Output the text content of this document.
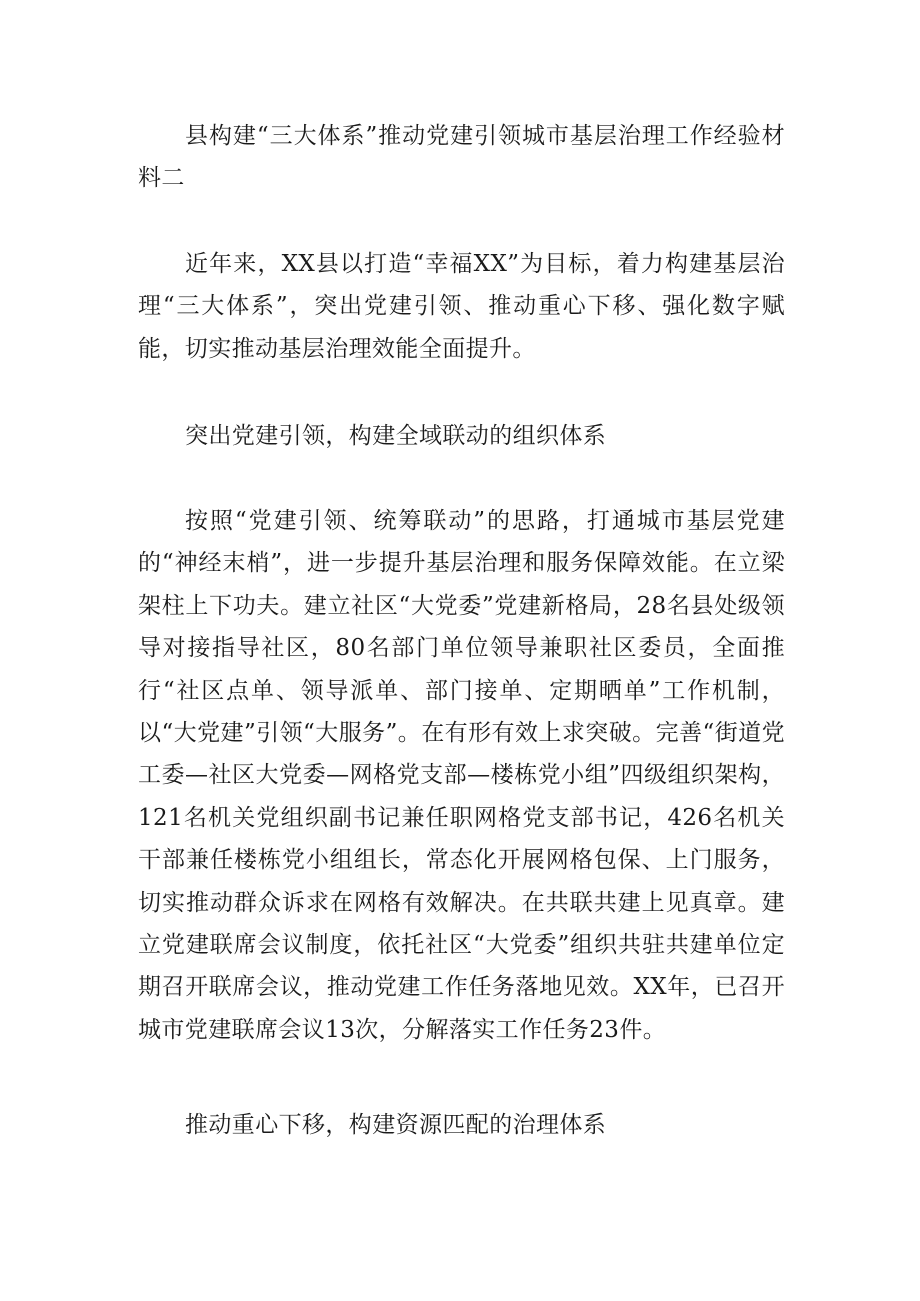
县构建“三大体系”推动党建引领城市基层治理工作经验材料二

近年来，XX县以打造“幸福XX”为目标，着力构建基层治理“三大体系”，突出党建引领、推动重心下移、强化数字赋能，切实推动基层治理效能全面提升。

突出党建引领，构建全域联动的组织体系

按照“党建引领、统筹联动”的思路，打通城市基层党建的“神经末梢”，进一步提升基层治理和服务保障效能。在立梁架柱上下功夫。建立社区“大党委”党建新格局，28名县处级领导对接指导社区，80名部门单位领导兼职社区委员，全面推行“社区点单、领导派单、部门接单、定期晒单”工作机制，以“大党建”引领“大服务”。在有形有效上求突破。完善“街道党工委—社区大党委—网格党支部—楼栋党小组”四级组织架构，121名机关党组织副书记兼任职网格党支部书记，426名机关干部兼任楼栋党小组组长，常态化开展网格包保、上门服务，切实推动群众诉求在网格有效解决。在共联共建上见真章。建立党建联席会议制度，依托社区“大党委”组织共驻共建单位定期召开联席会议，推动党建工作任务落地见效。XX年，已召开城市党建联席会议13次，分解落实工作任务23件。

推动重心下移，构建资源匹配的治理体系
